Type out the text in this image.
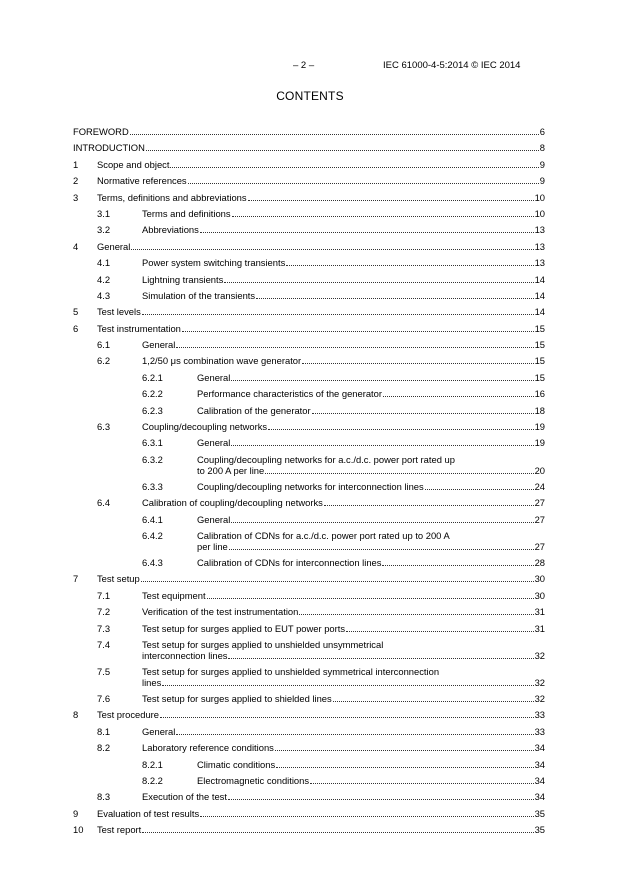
– 2 –	IEC 61000-4-5:2014 © IEC 2014
CONTENTS
FOREWORD	6
INTRODUCTION	8
1 Scope and object	9
2 Normative references	9
3 Terms, definitions and abbreviations	10
3.1	Terms and definitions	10
3.2	Abbreviations	13
4 General	13
4.1	Power system switching transients	13
4.2	Lightning transients	14
4.3	Simulation of the transients	14
5 Test levels	14
6 Test instrumentation	15
6.1	General	15
6.2	1,2/50 μs combination wave generator	15
6.2.1	General	15
6.2.2	Performance characteristics of the generator	16
6.2.3	Calibration of the generator	18
6.3	Coupling/decoupling networks	19
6.3.1	General	19
6.3.2	Coupling/decoupling networks for a.c./d.c. power port rated up
to 200 A per line	20
6.3.3	Coupling/decoupling networks for interconnection lines	24
6.4	Calibration of coupling/decoupling networks	27
6.4.1	General	27
6.4.2	Calibration of CDNs for a.c./d.c. power port rated up to 200 A
per line	27
6.4.3	Calibration of CDNs for interconnection lines	28
7 Test setup	30
7.1	Test equipment	30
7.2	Verification of the test instrumentation	31
7.3	Test setup for surges applied to EUT power ports	31
7.4	Test setup for surges applied to unshielded unsymmetrical
interconnection lines	32
7.5	Test setup for surges applied to unshielded symmetrical interconnection
lines	32
7.6	Test setup for surges applied to shielded lines	32
8 Test procedure	33
8.1	General	33
8.2	Laboratory reference conditions	34
8.2.1	Climatic conditions	34
8.2.2	Electromagnetic conditions	34
8.3	Execution of the test	34
9 Evaluation of test results	35
10 Test report	35
